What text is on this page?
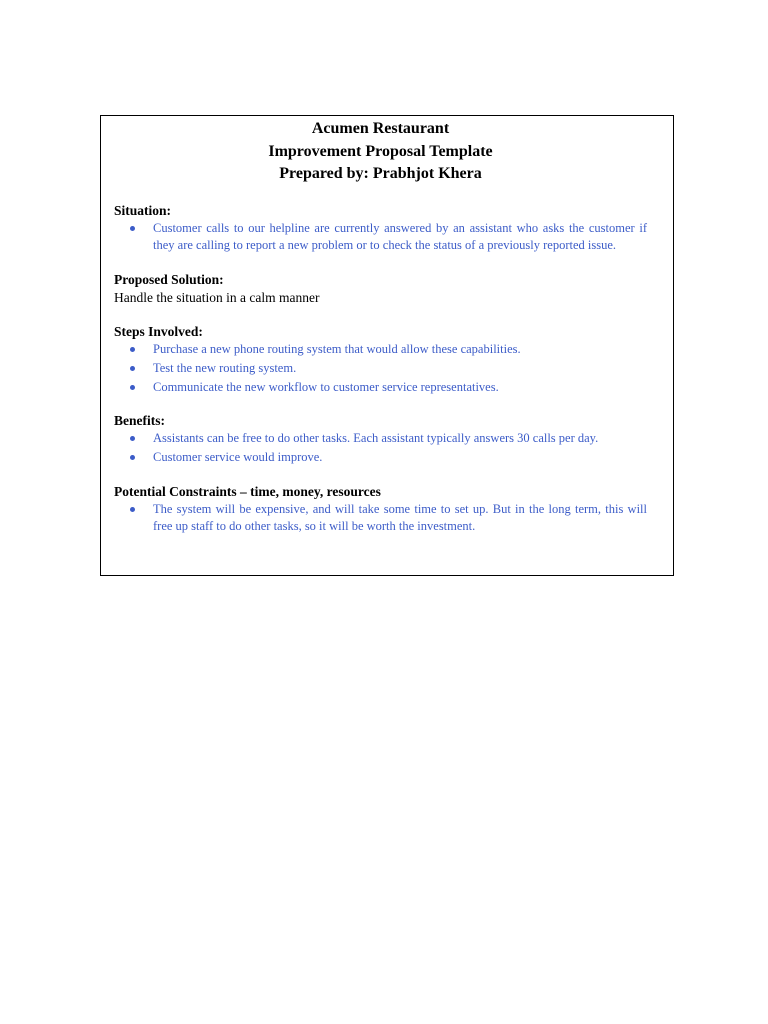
Acumen Restaurant
Improvement Proposal Template
Prepared by: Prabhjot Khera
Situation:
Customer calls to our helpline are currently answered by an assistant who asks the customer if they are calling to report a new problem or to check the status of a previously reported issue.
Proposed Solution:
Handle the situation in a calm manner
Steps Involved:
Purchase a new phone routing system that would allow these capabilities.
Test the new routing system.
Communicate the new workflow to customer service representatives.
Benefits:
Assistants can be free to do other tasks. Each assistant typically answers 30 calls per day.
Customer service would improve.
Potential Constraints – time, money, resources
The system will be expensive, and will take some time to set up. But in the long term, this will free up staff to do other tasks, so it will be worth the investment.
